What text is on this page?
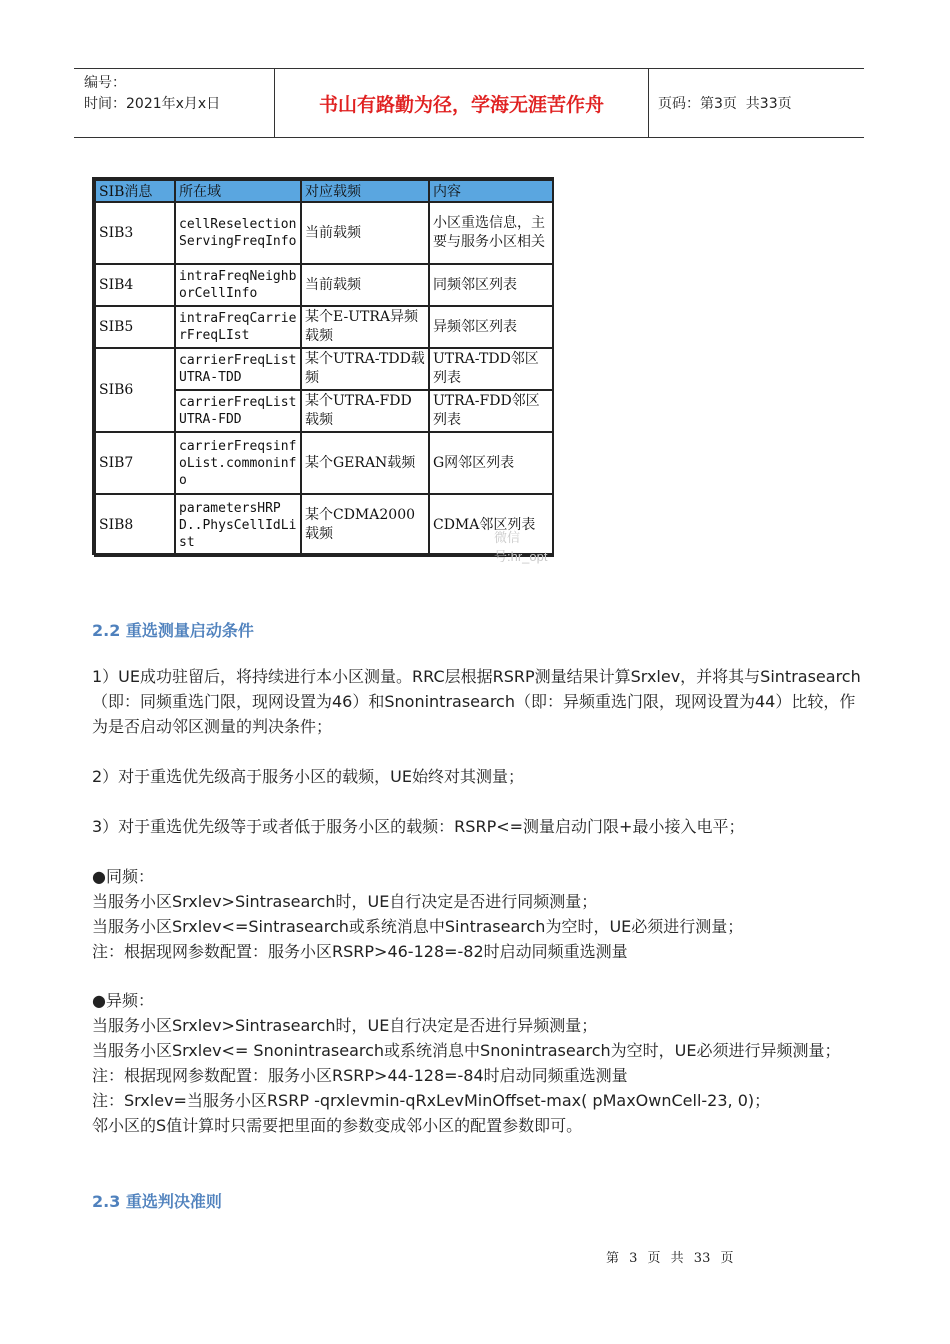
编号：
时间：2021年x月x日	书山有路勤为径，学海无涯苦作舟	页码：第3页  共33页
SIB消息	所在域	对应载频	内容
SIB3	cellReselectionServingFreqInfo	当前载频	小区重选信息，主要与服务小区相关
SIB4	intraFreqNeighborCellInfo	当前载频	同频邻区列表
SIB5	intraFreqCarrierFreqLIst	某个E-UTRA异频载频	异频邻区列表
SIB6	carrierFreqListUTRA-TDD	某个UTRA-TDD载频	UTRA-TDD邻区列表
	carrierFreqListUTRA-FDD	某个UTRA-FDD载频	UTRA-FDD邻区列表
SIB7	carrierFreqsinfoList.commoninfo	某个GERAN载频	G网邻区列表
SIB8	parametersHRPD..PhysCellIdList	某个CDMA2000载频	CDMA邻区列表
微信号:hr_opt
2.2 重选测量启动条件
1）UE成功驻留后，将持续进行本小区测量。RRC层根据RSRP测量结果计算Srxlev，并将其与Sintrasearch（即：同频重选门限，现网设置为46）和Snonintrasearch（即：异频重选门限，现网设置为44）比较，作为是否启动邻区测量的判决条件；
2）对于重选优先级高于服务小区的载频，UE始终对其测量；
3）对于重选优先级等于或者低于服务小区的载频：RSRP<=测量启动门限+最小接入电平；
●同频：
当服务小区Srxlev>Sintrasearch时，UE自行决定是否进行同频测量；
当服务小区Srxlev<=Sintrasearch或系统消息中Sintrasearch为空时，UE必须进行测量；
注：根据现网参数配置：服务小区RSRP>46-128=-82时启动同频重选测量
●异频：
当服务小区Srxlev>Sintrasearch时，UE自行决定是否进行异频测量；
当服务小区Srxlev<= Snonintrasearch或系统消息中Snonintrasearch为空时，UE必须进行异频测量；
注：根据现网参数配置：服务小区RSRP>44-128=-84时启动同频重选测量
注：Srxlev=当服务小区RSRP -qrxlevmin-qRxLevMinOffset-max( pMaxOwnCell-23, 0)；
邻小区的S值计算时只需要把里面的参数变成邻小区的配置参数即可。
2.3 重选判决准则
第 3 页 共 33 页
